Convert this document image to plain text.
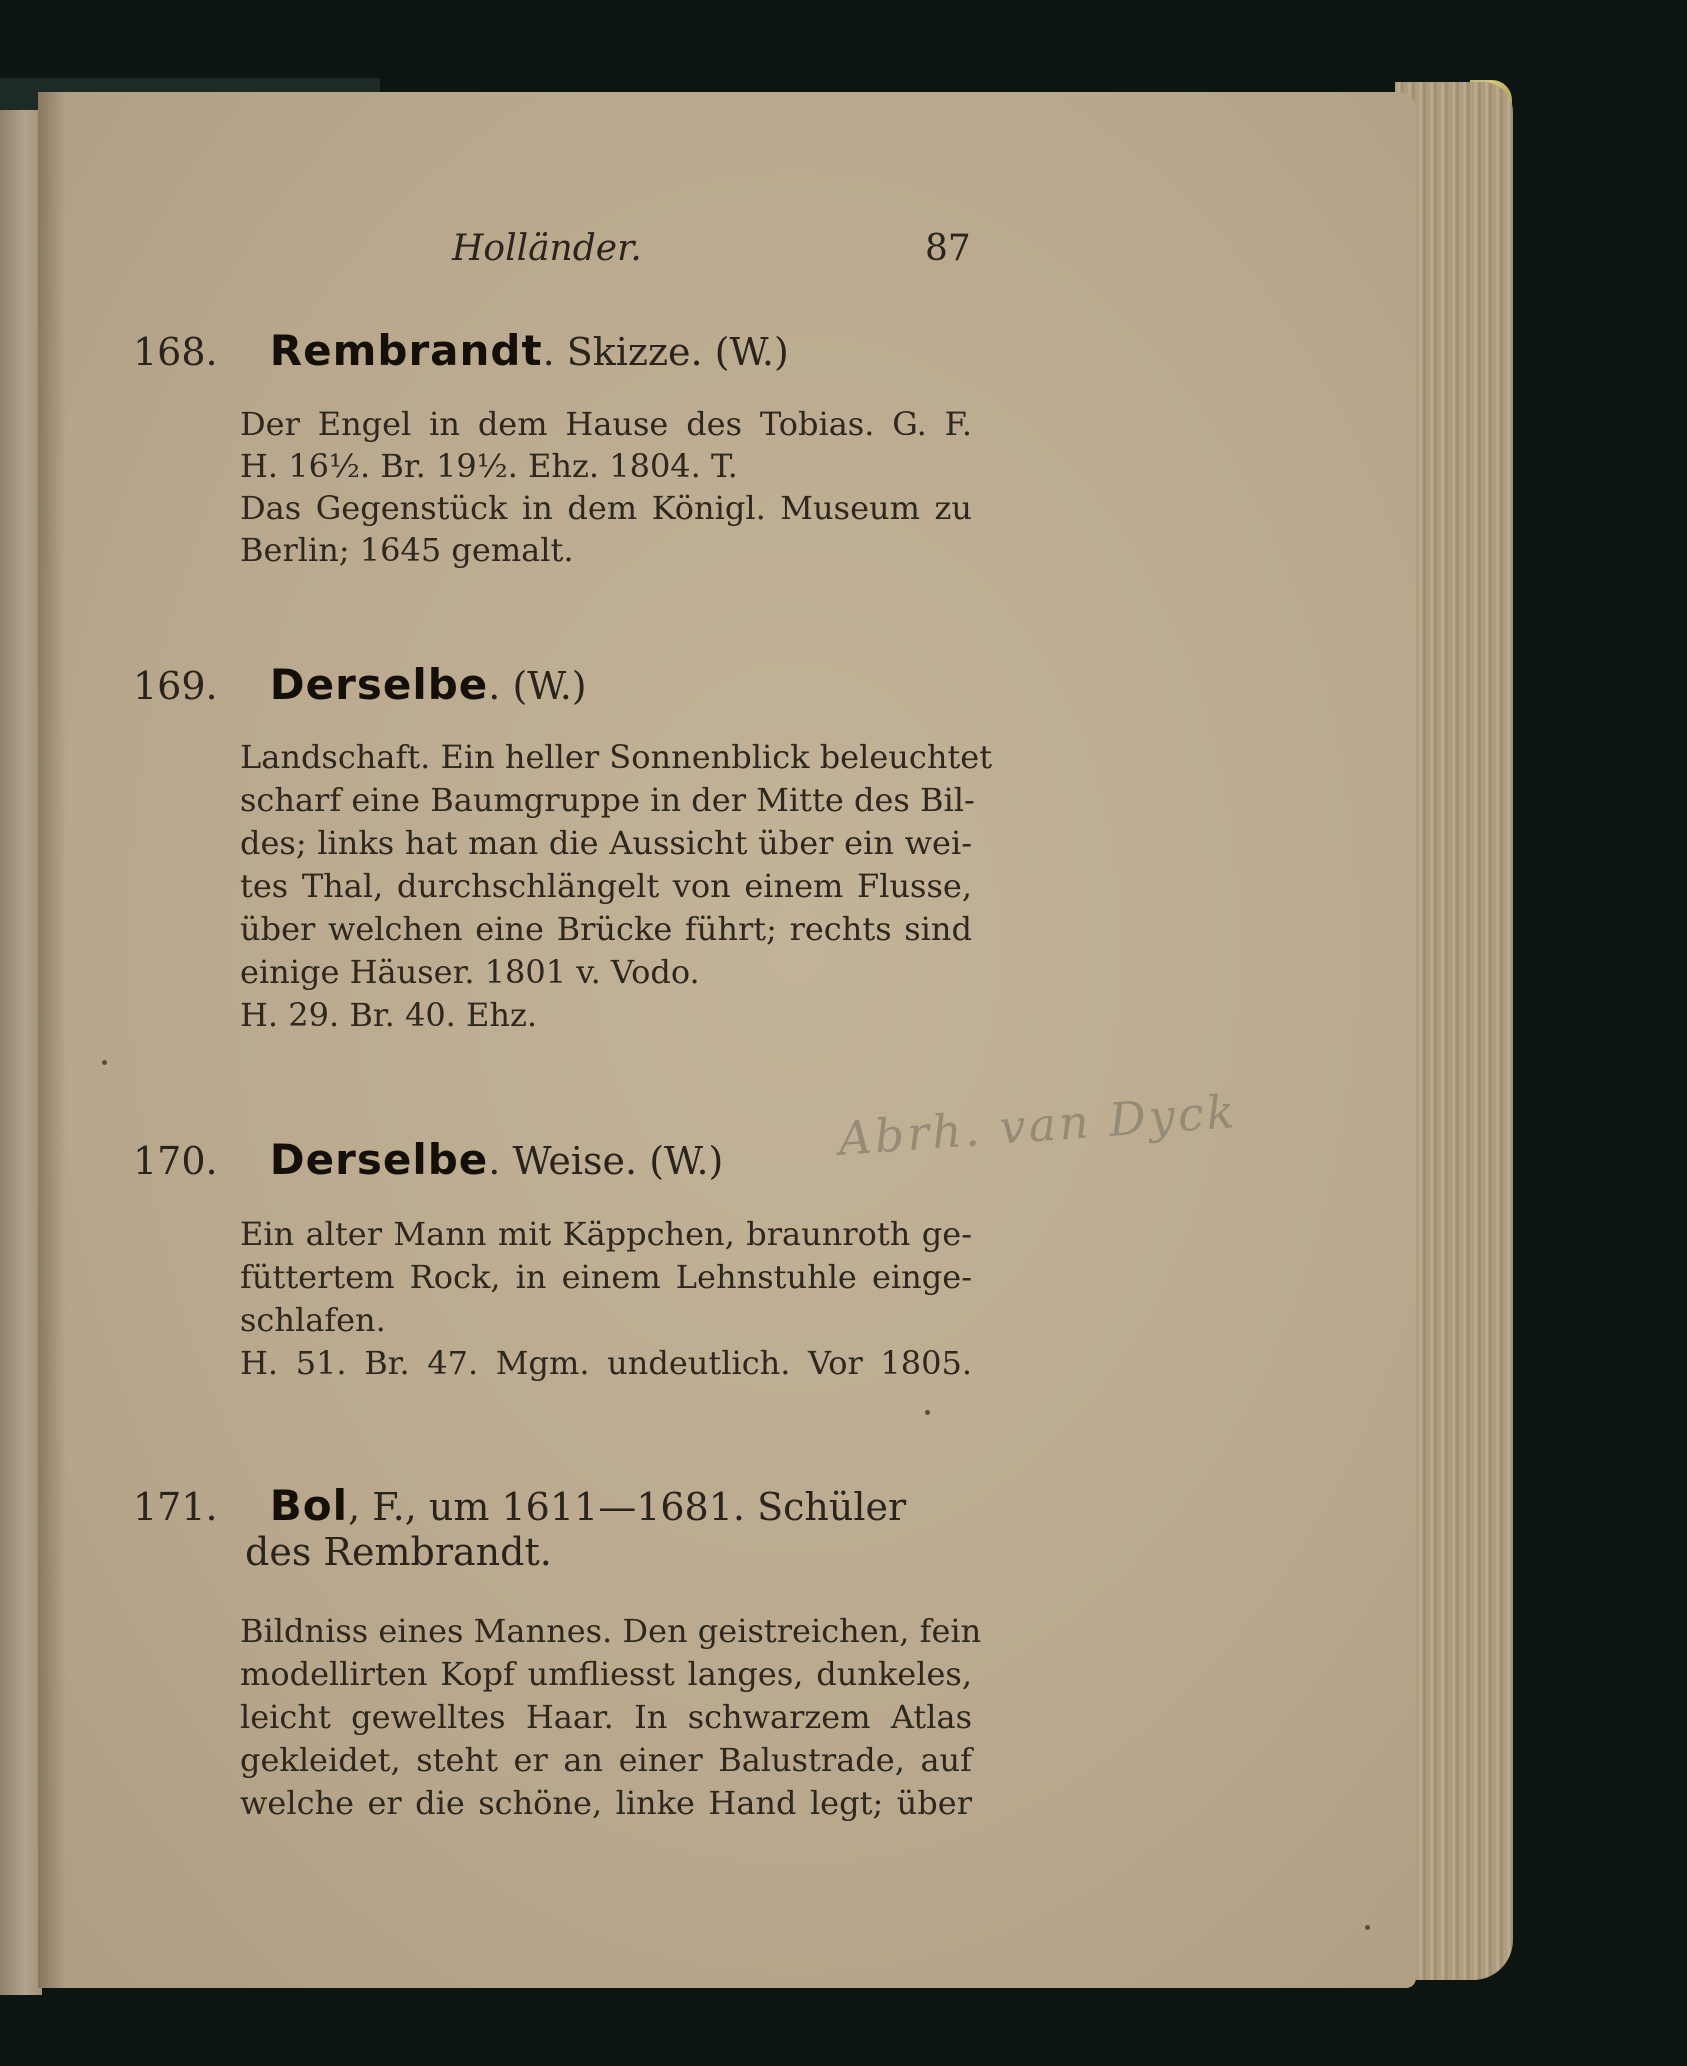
Holländer.	87
168. Rembrandt. Skizze. (W.)
Der Engel in dem Hause des Tobias. G. F.
H. 16½. Br. 19½. Ehz. 1804. T.
Das Gegenstück in dem Königl. Museum zu
Berlin; 1645 gemalt.
169. Derselbe. (W.)
Landschaft. Ein heller Sonnenblick beleuchtet
scharf eine Baumgruppe in der Mitte des Bil-
des; links hat man die Aussicht über ein wei-
tes Thal, durchschlängelt von einem Flusse,
über welchen eine Brücke führt; rechts sind
einige Häuser. 1801 v. Vodo.
H. 29. Br. 40. Ehz.
170. Derselbe. Weise. (W.) Abrh. van Dyck
Ein alter Mann mit Käppchen, braunroth ge-
füttertem Rock, in einem Lehnstuhle einge-
schlafen.
H. 51. Br. 47. Mgm. undeutlich. Vor 1805.
171. Bol, F., um 1611—1681. Schüler
des Rembrandt.
Bildniss eines Mannes. Den geistreichen, fein
modellirten Kopf umfliesst langes, dunkeles,
leicht gewelltes Haar. In schwarzem Atlas
gekleidet, steht er an einer Balustrade, auf
welche er die schöne, linke Hand legt; über
